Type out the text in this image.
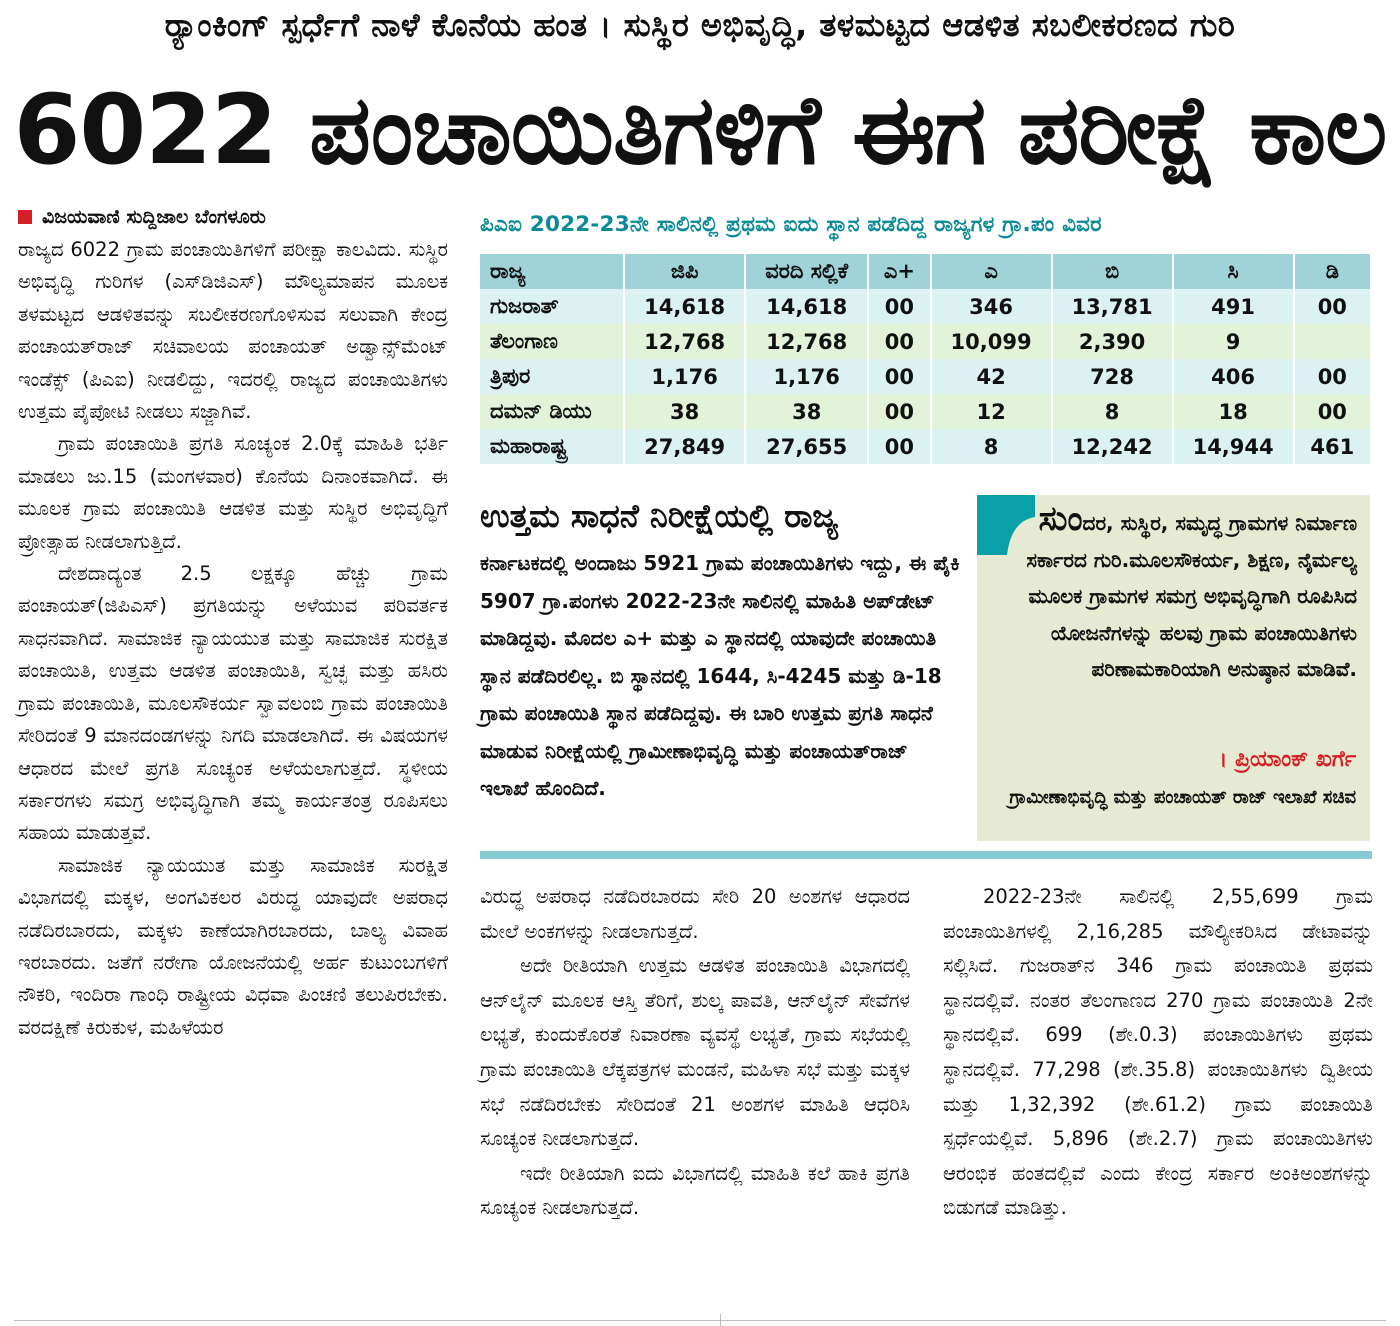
ರ್‍ಯಾಂಕಿಂಗ್ ಸ್ಪರ್ಧೆಗೆ ನಾಳೆ ಕೊನೆಯ ಹಂತ । ಸುಸ್ಥಿರ ಅಭಿವೃದ್ಧಿ, ತಳಮಟ್ಟದ ಆಡಳಿತ ಸಬಲೀಕರಣದ ಗುರಿ
6022 ಪಂಚಾಯಿತಿಗಳಿಗೆ ಈಗ ಪರೀಕ್ಷೆ ಕಾಲ
ವಿಜಯವಾಣಿ ಸುದ್ದಿಜಾಲ ಬೆಂಗಳೂರು

ರಾಜ್ಯದ 6022 ಗ್ರಾಮ ಪಂಚಾಯಿತಿಗಳಿಗೆ ಪರೀಕ್ಷಾ ಕಾಲವಿದು. ಸುಸ್ಥಿರ ಅಭಿವೃದ್ಧಿ ಗುರಿಗಳ (ಎಸ್‌ಡಿಜಿಎಸ್) ಮೌಲ್ಯಮಾಪನ ಮೂಲಕ ತಳಮಟ್ಟದ ಆಡಳಿತವನ್ನು ಸಬಲೀಕರಣಗೊಳಿಸುವ ಸಲುವಾಗಿ ಕೇಂದ್ರ ಪಂಚಾಯತ್‌ರಾಜ್ ಸಚಿವಾಲಯ ಪಂಚಾಯತ್ ಅಡ್ವಾನ್ಸ್‌ಮೆಂಟ್ ಇಂಡೆಕ್ಸ್ (ಪಿಎಐ) ನೀಡಲಿದ್ದು, ಇದರಲ್ಲಿ ರಾಜ್ಯದ ಪಂಚಾಯಿತಿಗಳು ಉತ್ತಮ ಪೈಪೋಟಿ ನೀಡಲು ಸಜ್ಜಾಗಿವೆ.

ಗ್ರಾಮ ಪಂಚಾಯಿತಿ ಪ್ರಗತಿ ಸೂಚ್ಯಂಕ 2.0ಕ್ಕೆ ಮಾಹಿತಿ ಭರ್ತಿ ಮಾಡಲು ಜು.15 (ಮಂಗಳವಾರ) ಕೊನೆಯ ದಿನಾಂಕವಾಗಿದೆ. ಈ ಮೂಲಕ ಗ್ರಾಮ ಪಂಚಾಯಿತಿ ಆಡಳಿತ ಮತ್ತು ಸುಸ್ಥಿರ ಅಭಿವೃದ್ಧಿಗೆ ಪ್ರೋತ್ಸಾಹ ನೀಡಲಾಗುತ್ತಿದೆ.

ದೇಶದಾದ್ಯಂತ 2.5 ಲಕ್ಷಕ್ಕೂ ಹೆಚ್ಚು ಗ್ರಾಮ ಪಂಚಾಯತ್(ಜಿಪಿಎಸ್) ಪ್ರಗತಿಯನ್ನು ಅಳೆಯುವ ಪರಿವರ್ತಕ ಸಾಧನವಾಗಿದೆ. ಸಾಮಾಜಿಕ ನ್ಯಾಯಯುತ ಮತ್ತು ಸಾಮಾಜಿಕ ಸುರಕ್ಷಿತ ಪಂಚಾಯಿತಿ, ಉತ್ತಮ ಆಡಳಿತ ಪಂಚಾಯಿತಿ, ಸ್ವಚ್ಛ ಮತ್ತು ಹಸಿರು ಗ್ರಾಮ ಪಂಚಾಯಿತಿ, ಮೂಲಸೌಕರ್ಯ ಸ್ವಾವಲಂಬಿ ಗ್ರಾಮ ಪಂಚಾಯಿತಿ ಸೇರಿದಂತೆ 9 ಮಾನದಂಡಗಳನ್ನು ನಿಗದಿ ಮಾಡಲಾಗಿದೆ. ಈ ವಿಷಯಗಳ ಆಧಾರದ ಮೇಲೆ ಪ್ರಗತಿ ಸೂಚ್ಯಂಕ ಅಳೆಯಲಾಗುತ್ತದೆ. ಸ್ಥಳೀಯ ಸರ್ಕಾರಗಳು ಸಮಗ್ರ ಅಭಿವೃದ್ಧಿಗಾಗಿ ತಮ್ಮ ಕಾರ್ಯತಂತ್ರ ರೂಪಿಸಲು ಸಹಾಯ ಮಾಡುತ್ತವೆ.

ಸಾಮಾಜಿಕ ನ್ಯಾಯಯುತ ಮತ್ತು ಸಾಮಾಜಿಕ ಸುರಕ್ಷಿತ ವಿಭಾಗದಲ್ಲಿ ಮಕ್ಕಳ, ಅಂಗವಿಕಲರ ವಿರುದ್ಧ ಯಾವುದೇ ಅಪರಾಧ ನಡೆದಿರಬಾರದು, ಮಕ್ಕಳು ಕಾಣೆಯಾಗಿರಬಾರದು, ಬಾಲ್ಯ ವಿವಾಹ ಇರಬಾರದು. ಜತೆಗೆ ನರೇಗಾ ಯೋಜನೆಯಲ್ಲಿ ಅರ್ಹ ಕುಟುಂಬಗಳಿಗೆ ನೌಕರಿ, ಇಂದಿರಾ ಗಾಂಧಿ ರಾಷ್ಟ್ರೀಯ ವಿಧವಾ ಪಿಂಚಣಿ ತಲುಪಿರಬೇಕು. ವರದಕ್ಷಿಣೆ ಕಿರುಕುಳ, ಮಹಿಳೆಯರ

ಪಿಎಐ 2022-23ನೇ ಸಾಲಿನಲ್ಲಿ ಪ್ರಥಮ ಐದು ಸ್ಥಾನ ಪಡೆದಿದ್ದ ರಾಜ್ಯಗಳ ಗ್ರಾ.ಪಂ ವಿವರ
ರಾಜ್ಯ	ಜಿಪಿ	ವರದಿ ಸಲ್ಲಿಕೆ	ಎ+	ಎ	ಬಿ	ಸಿ	ಡಿ
ಗುಜರಾತ್	14,618	14,618	00	346	13,781	491	00
ತೆಲಂಗಾಣ	12,768	12,768	00	10,099	2,390	9	
ತ್ರಿಪುರ	1,176	1,176	00	42	728	406	00
ದಮನ್ ಡಿಯು	38	38	00	12	8	18	00
ಮಹಾರಾಷ್ಟ್ರ	27,849	27,655	00	8	12,242	14,944	461
ಉತ್ತಮ ಸಾಧನೆ ನಿರೀಕ್ಷೆಯಲ್ಲಿ ರಾಜ್ಯ

ಕರ್ನಾಟಕದಲ್ಲಿ ಅಂದಾಜು 5921 ಗ್ರಾಮ ಪಂಚಾಯಿತಿಗಳು ಇದ್ದು, ಈ ಪೈಕಿ 5907 ಗ್ರಾ.ಪಂಗಳು 2022-23ನೇ ಸಾಲಿನಲ್ಲಿ ಮಾಹಿತಿ ಅಪ್‌ಡೇಟ್ ಮಾಡಿದ್ದವು. ಮೊದಲ ಎ+ ಮತ್ತು ಎ ಸ್ಥಾನದಲ್ಲಿ ಯಾವುದೇ ಪಂಚಾಯಿತಿ ಸ್ಥಾನ ಪಡೆದಿರಲಿಲ್ಲ. ಬಿ ಸ್ಥಾನದಲ್ಲಿ 1644, ಸಿ-4245 ಮತ್ತು ಡಿ-18 ಗ್ರಾಮ ಪಂಚಾಯಿತಿ ಸ್ಥಾನ ಪಡೆದಿದ್ದವು. ಈ ಬಾರಿ ಉತ್ತಮ ಪ್ರಗತಿ ಸಾಧನೆ ಮಾಡುವ ನಿರೀಕ್ಷೆಯಲ್ಲಿ ಗ್ರಾಮೀಣಾಭಿವೃದ್ಧಿ ಮತ್ತು ಪಂಚಾಯತ್‌ರಾಜ್ ಇಲಾಖೆ ಹೊಂದಿದೆ.

ಸುಂದರ, ಸುಸ್ಥಿರ, ಸಮೃದ್ಧ ಗ್ರಾಮಗಳ ನಿರ್ಮಾಣ ಸರ್ಕಾರದ ಗುರಿ.ಮೂಲಸೌಕರ್ಯ, ಶಿಕ್ಷಣ, ನೈರ್ಮಲ್ಯ ಮೂಲಕ ಗ್ರಾಮಗಳ ಸಮಗ್ರ ಅಭಿವೃದ್ಧಿಗಾಗಿ ರೂಪಿಸಿದ ಯೋಜನೆಗಳನ್ನು ಹಲವು ಗ್ರಾಮ ಪಂಚಾಯಿತಿಗಳು ಪರಿಣಾಮಕಾರಿಯಾಗಿ ಅನುಷ್ಠಾನ ಮಾಡಿವೆ.
। ಪ್ರಿಯಾಂಕ್ ಖರ್ಗೆ
ಗ್ರಾಮೀಣಾಭಿವೃದ್ಧಿ ಮತ್ತು ಪಂಚಾಯತ್ ರಾಜ್ ಇಲಾಖೆ ಸಚಿವ

ವಿರುದ್ಧ ಅಪರಾಧ ನಡೆದಿರಬಾರದು ಸೇರಿ 20 ಅಂಶಗಳ ಆಧಾರದ ಮೇಲೆ ಅಂಕಗಳನ್ನು ನೀಡಲಾಗುತ್ತದೆ.

ಅದೇ ರೀತಿಯಾಗಿ ಉತ್ತಮ ಆಡಳಿತ ಪಂಚಾಯಿತಿ ವಿಭಾಗದಲ್ಲಿ ಆನ್‌ಲೈನ್ ಮೂಲಕ ಆಸ್ತಿ ತೆರಿಗೆ, ಶುಲ್ಕ ಪಾವತಿ, ಆನ್‌ಲೈನ್ ಸೇವೆಗಳ ಲಭ್ಯತೆ, ಕುಂದುಕೊರತೆ ನಿವಾರಣಾ ವ್ಯವಸ್ಥೆ ಲಭ್ಯತೆ, ಗ್ರಾಮ ಸಭೆಯಲ್ಲಿ ಗ್ರಾಮ ಪಂಚಾಯಿತಿ ಲೆಕ್ಕಪತ್ರಗಳ ಮಂಡನೆ, ಮಹಿಳಾ ಸಭೆ ಮತ್ತು ಮಕ್ಕಳ ಸಭೆ ನಡೆದಿರಬೇಕು ಸೇರಿದಂತೆ 21 ಅಂಶಗಳ ಮಾಹಿತಿ ಆಧರಿಸಿ ಸೂಚ್ಯಂಕ ನೀಡಲಾಗುತ್ತದೆ.

ಇದೇ ರೀತಿಯಾಗಿ ಐದು ವಿಭಾಗದಲ್ಲಿ ಮಾಹಿತಿ ಕಲೆ ಹಾಕಿ ಪ್ರಗತಿ ಸೂಚ್ಯಂಕ ನೀಡಲಾಗುತ್ತದೆ.

2022-23ನೇ ಸಾಲಿನಲ್ಲಿ 2,55,699 ಗ್ರಾಮ ಪಂಚಾಯಿತಿಗಳಲ್ಲಿ 2,16,285 ಮೌಲ್ಯೀಕರಿಸಿದ ಡೇಟಾವನ್ನು ಸಲ್ಲಿಸಿದೆ. ಗುಜರಾತ್‌ನ 346 ಗ್ರಾಮ ಪಂಚಾಯಿತಿ ಪ್ರಥಮ ಸ್ಥಾನದಲ್ಲಿವೆ. ನಂತರ ತೆಲಂಗಾಣದ 270 ಗ್ರಾಮ ಪಂಚಾಯಿತಿ 2ನೇ ಸ್ಥಾನದಲ್ಲಿವೆ. 699 (ಶೇ.0.3) ಪಂಚಾಯಿತಿಗಳು ಪ್ರಥಮ ಸ್ಥಾನದಲ್ಲಿವೆ. 77,298 (ಶೇ.35.8) ಪಂಚಾಯಿತಿಗಳು ದ್ವಿತೀಯ ಮತ್ತು 1,32,392 (ಶೇ.61.2) ಗ್ರಾಮ ಪಂಚಾಯಿತಿ ಸ್ಪರ್ಧೆಯಲ್ಲಿವೆ. 5,896 (ಶೇ.2.7) ಗ್ರಾಮ ಪಂಚಾಯಿತಿಗಳು ಆರಂಭಿಕ ಹಂತದಲ್ಲಿವೆ ಎಂದು ಕೇಂದ್ರ ಸರ್ಕಾರ ಅಂಕಿಅಂಶಗಳನ್ನು ಬಿಡುಗಡೆ ಮಾಡಿತ್ತು.
